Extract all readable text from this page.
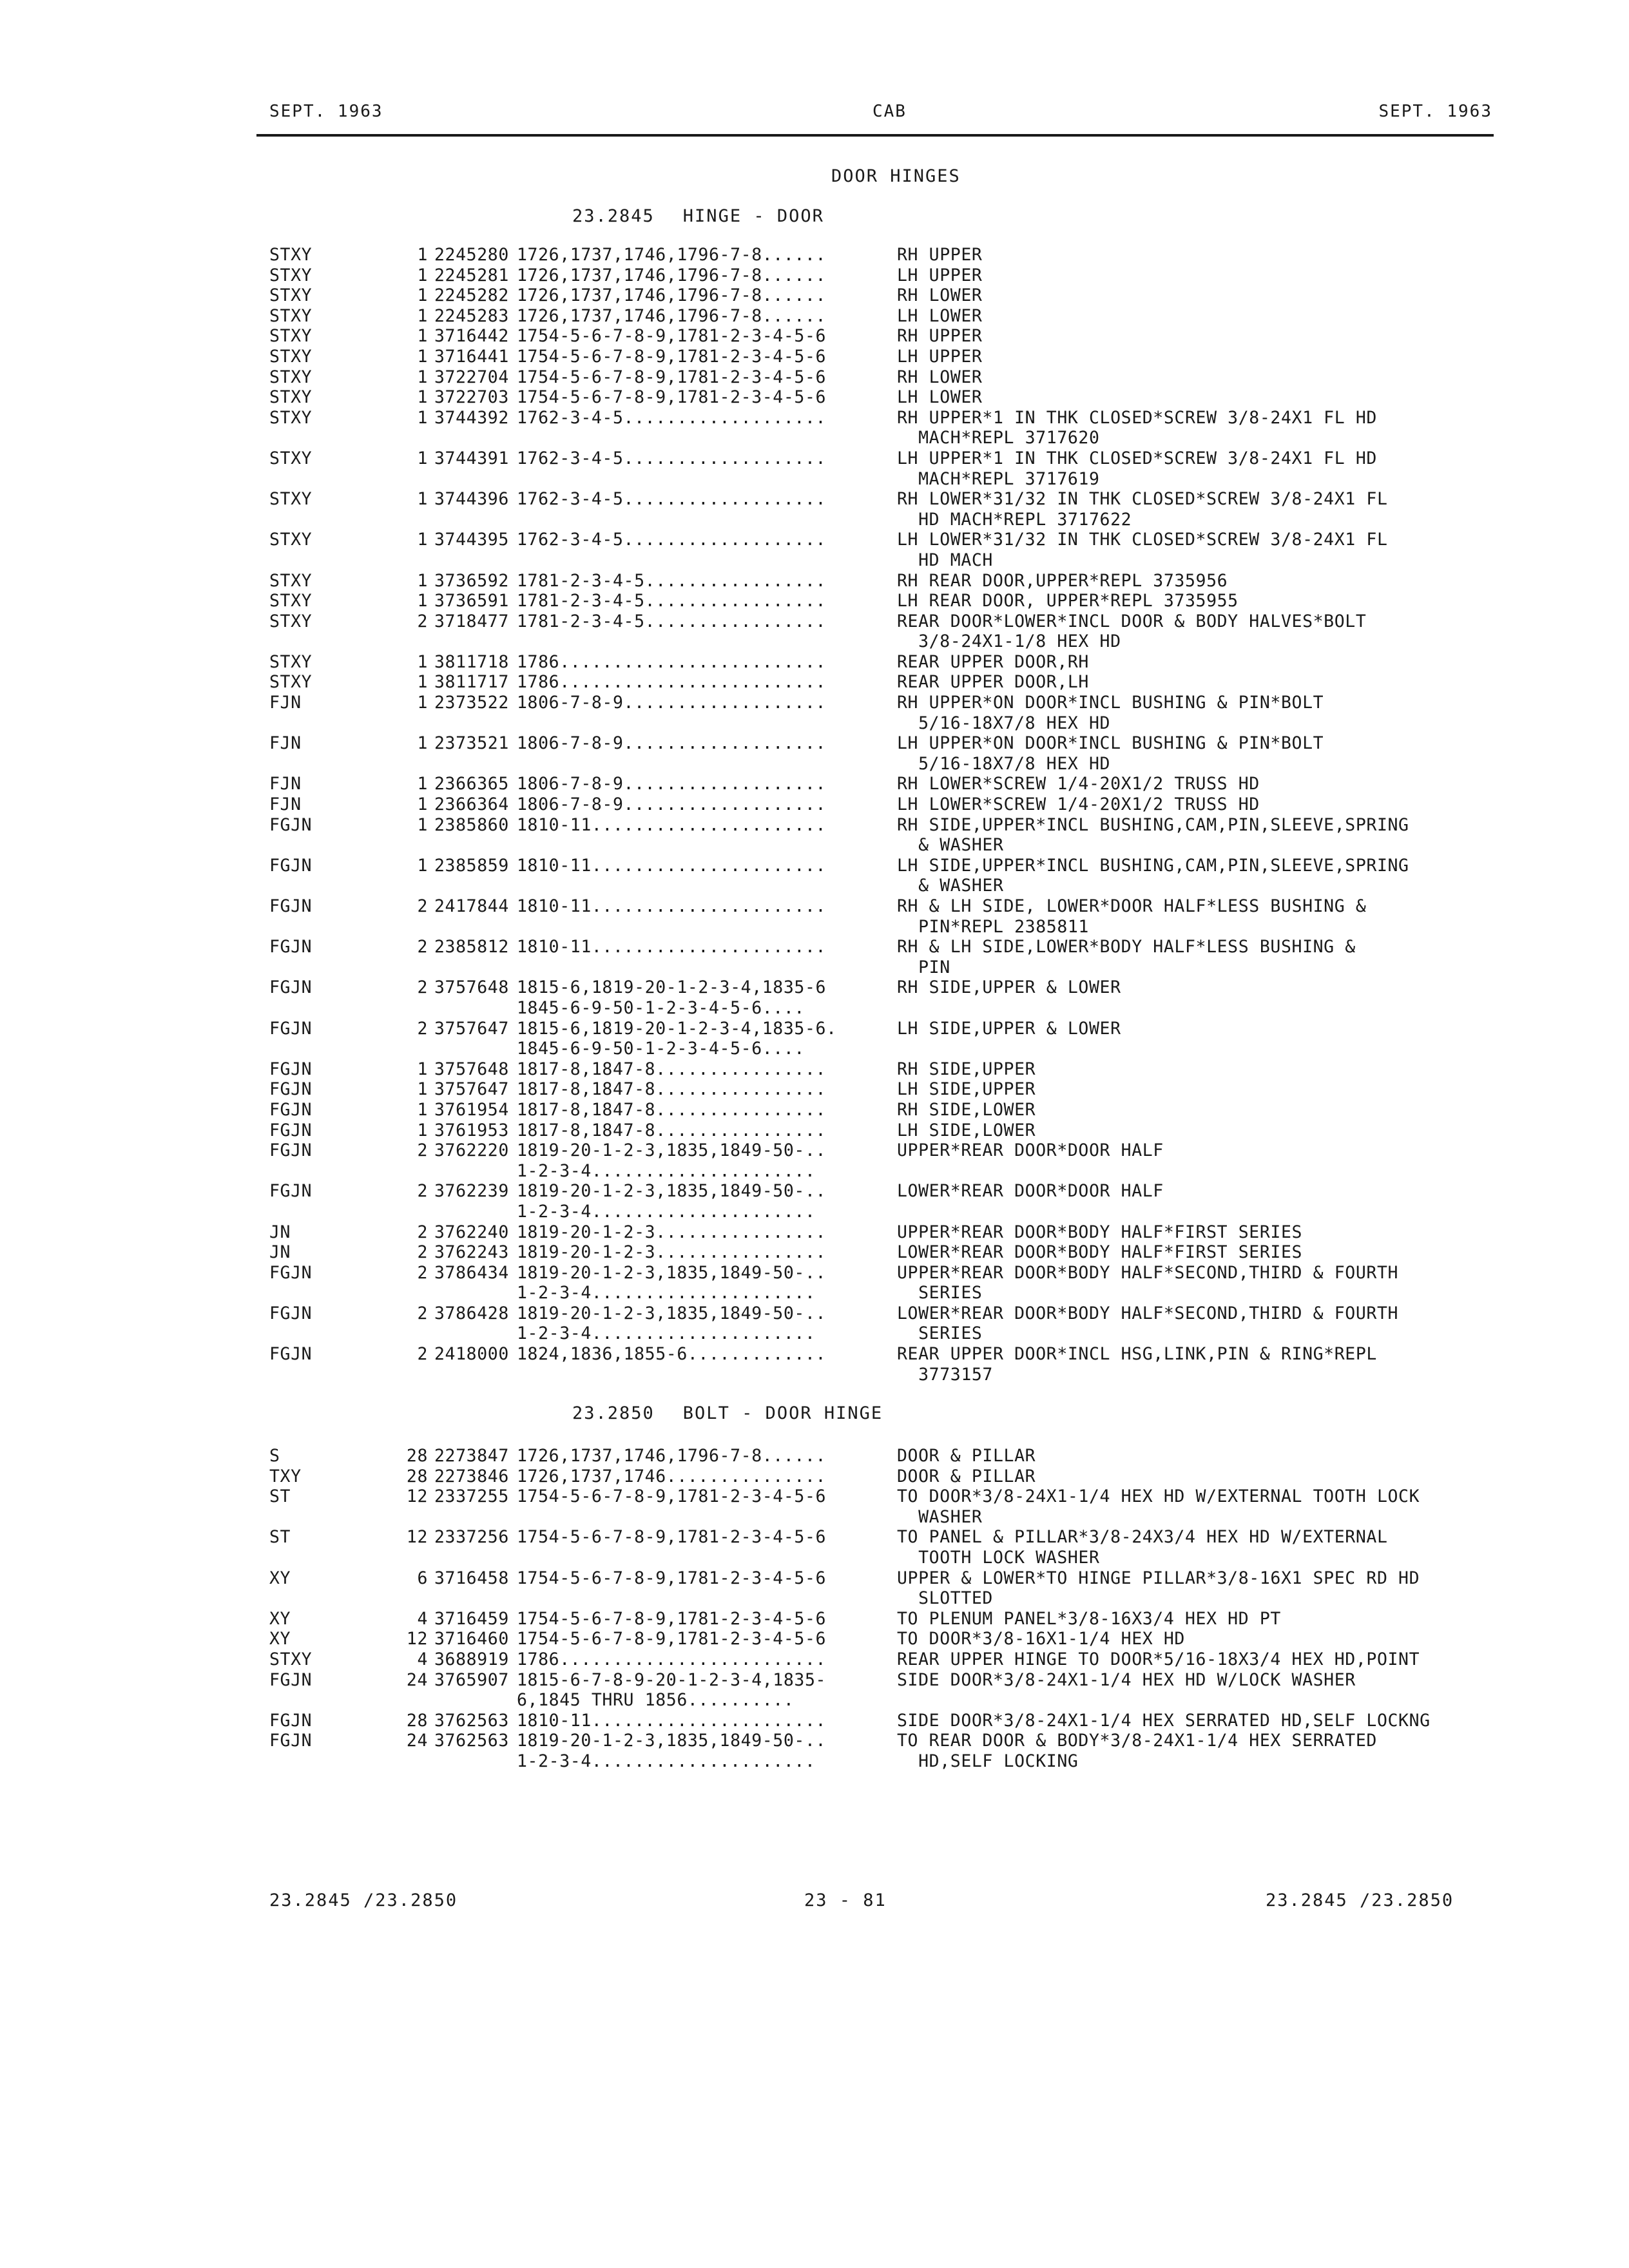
SEPT. 1963	CAB	SEPT. 1963
DOOR HINGES
23.2845 HINGE - DOOR
STXY	1 2245280 1726,1737,1746,1796-7-8......	RH UPPER
STXY	1 2245281 1726,1737,1746,1796-7-8......	LH UPPER
STXY	1 2245282 1726,1737,1746,1796-7-8......	RH LOWER
STXY	1 2245283 1726,1737,1746,1796-7-8......	LH LOWER
STXY	1 3716442 1754-5-6-7-8-9,1781-2-3-4-5-6	RH UPPER
STXY	1 3716441 1754-5-6-7-8-9,1781-2-3-4-5-6	LH UPPER
STXY	1 3722704 1754-5-6-7-8-9,1781-2-3-4-5-6	RH LOWER
STXY	1 3722703 1754-5-6-7-8-9,1781-2-3-4-5-6	LH LOWER
STXY	1 3744392 1762-3-4-5...................	RH UPPER*1 IN THK CLOSED*SCREW 3/8-24X1 FL HD
MACH*REPL 3717620
STXY	1 3744391 1762-3-4-5...................	LH UPPER*1 IN THK CLOSED*SCREW 3/8-24X1 FL HD
MACH*REPL 3717619
STXY	1 3744396 1762-3-4-5...................	RH LOWER*31/32 IN THK CLOSED*SCREW 3/8-24X1 FL
HD MACH*REPL 3717622
STXY	1 3744395 1762-3-4-5...................	LH LOWER*31/32 IN THK CLOSED*SCREW 3/8-24X1 FL
HD MACH
STXY	1 3736592 1781-2-3-4-5.................	RH REAR DOOR,UPPER*REPL 3735956
STXY	1 3736591 1781-2-3-4-5.................	LH REAR DOOR, UPPER*REPL 3735955
STXY	2 3718477 1781-2-3-4-5.................	REAR DOOR*LOWER*INCL DOOR & BODY HALVES*BOLT
3/8-24X1-1/8 HEX HD
STXY	1 3811718 1786.........................	REAR UPPER DOOR,RH
STXY	1 3811717 1786.........................	REAR UPPER DOOR,LH
FJN	1 2373522 1806-7-8-9...................	RH UPPER*ON DOOR*INCL BUSHING & PIN*BOLT
5/16-18X7/8 HEX HD
FJN	1 2373521 1806-7-8-9...................	LH UPPER*ON DOOR*INCL BUSHING & PIN*BOLT
5/16-18X7/8 HEX HD
FJN	1 2366365 1806-7-8-9...................	RH LOWER*SCREW 1/4-20X1/2 TRUSS HD
FJN	1 2366364 1806-7-8-9...................	LH LOWER*SCREW 1/4-20X1/2 TRUSS HD
FGJN	1 2385860 1810-11......................	RH SIDE,UPPER*INCL BUSHING,CAM,PIN,SLEEVE,SPRING
& WASHER
FGJN	1 2385859 1810-11......................	LH SIDE,UPPER*INCL BUSHING,CAM,PIN,SLEEVE,SPRING
& WASHER
FGJN	2 2417844 1810-11......................	RH & LH SIDE, LOWER*DOOR HALF*LESS BUSHING &
PIN*REPL 2385811
FGJN	2 2385812 1810-11......................	RH & LH SIDE,LOWER*BODY HALF*LESS BUSHING &
PIN
FGJN	2 3757648 1815-6,1819-20-1-2-3-4,1835-6	RH SIDE,UPPER & LOWER
1845-6-9-50-1-2-3-4-5-6....
FGJN	2 3757647 1815-6,1819-20-1-2-3-4,1835-6.	LH SIDE,UPPER & LOWER
1845-6-9-50-1-2-3-4-5-6....
FGJN	1 3757648 1817-8,1847-8................	RH SIDE,UPPER
FGJN	1 3757647 1817-8,1847-8................	LH SIDE,UPPER
FGJN	1 3761954 1817-8,1847-8................	RH SIDE,LOWER
FGJN	1 3761953 1817-8,1847-8................	LH SIDE,LOWER
FGJN	2 3762220 1819-20-1-2-3,1835,1849-50-..	UPPER*REAR DOOR*DOOR HALF
1-2-3-4.....................
FGJN	2 3762239 1819-20-1-2-3,1835,1849-50-..	LOWER*REAR DOOR*DOOR HALF
1-2-3-4.....................
JN	2 3762240 1819-20-1-2-3................	UPPER*REAR DOOR*BODY HALF*FIRST SERIES
JN	2 3762243 1819-20-1-2-3................	LOWER*REAR DOOR*BODY HALF*FIRST SERIES
FGJN	2 3786434 1819-20-1-2-3,1835,1849-50-..	UPPER*REAR DOOR*BODY HALF*SECOND,THIRD & FOURTH
1-2-3-4.....................	SERIES
FGJN	2 3786428 1819-20-1-2-3,1835,1849-50-..	LOWER*REAR DOOR*BODY HALF*SECOND,THIRD & FOURTH
1-2-3-4.....................	SERIES
FGJN	2 2418000 1824,1836,1855-6.............	REAR UPPER DOOR*INCL HSG,LINK,PIN & RING*REPL
3773157
23.2850 BOLT - DOOR HINGE
S	28 2273847 1726,1737,1746,1796-7-8......	DOOR & PILLAR
TXY	28 2273846 1726,1737,1746...............	DOOR & PILLAR
ST	12 2337255 1754-5-6-7-8-9,1781-2-3-4-5-6	TO DOOR*3/8-24X1-1/4 HEX HD W/EXTERNAL TOOTH LOCK
WASHER
ST	12 2337256 1754-5-6-7-8-9,1781-2-3-4-5-6	TO PANEL & PILLAR*3/8-24X3/4 HEX HD W/EXTERNAL
TOOTH LOCK WASHER
XY	6 3716458 1754-5-6-7-8-9,1781-2-3-4-5-6	UPPER & LOWER*TO HINGE PILLAR*3/8-16X1 SPEC RD HD
SLOTTED
XY	4 3716459 1754-5-6-7-8-9,1781-2-3-4-5-6	TO PLENUM PANEL*3/8-16X3/4 HEX HD PT
XY	12 3716460 1754-5-6-7-8-9,1781-2-3-4-5-6	TO DOOR*3/8-16X1-1/4 HEX HD
STXY	4 3688919 1786.........................	REAR UPPER HINGE TO DOOR*5/16-18X3/4 HEX HD,POINT
FGJN	24 3765907 1815-6-7-8-9-20-1-2-3-4,1835-	SIDE DOOR*3/8-24X1-1/4 HEX HD W/LOCK WASHER
6,1845 THRU 1856..........
FGJN	28 3762563 1810-11......................	SIDE DOOR*3/8-24X1-1/4 HEX SERRATED HD,SELF LOCKNG
FGJN	24 3762563 1819-20-1-2-3,1835,1849-50-..	TO REAR DOOR & BODY*3/8-24X1-1/4 HEX SERRATED
1-2-3-4.....................	HD,SELF LOCKING
23.2845 /23.2850	23 - 81	23.2845 /23.2850
